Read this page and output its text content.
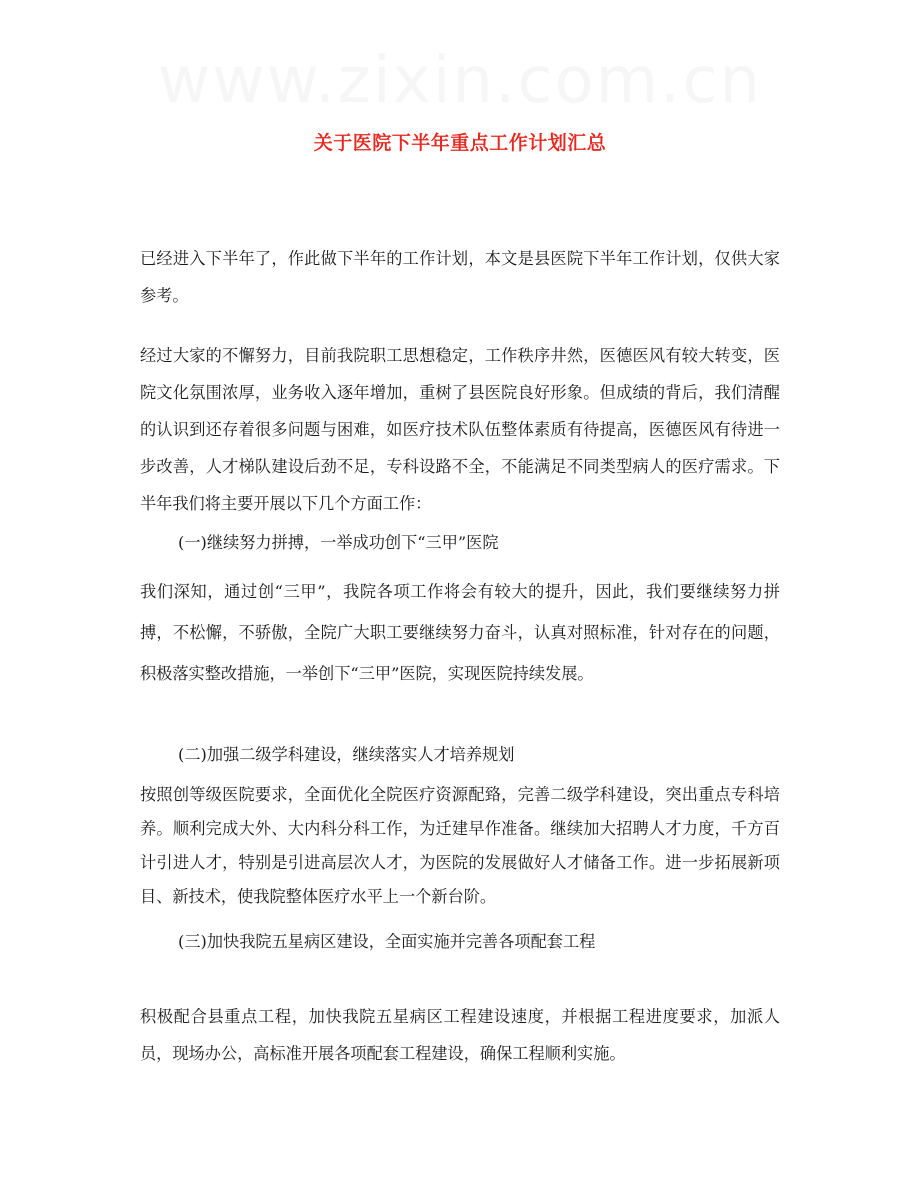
关于医院下半年重点工作计划汇总

已经进入下半年了，作此做下半年的工作计划，本文是县医院下半年工作计划，仅供大家参考。

经过大家的不懈努力，目前我院职工思想稳定，工作秩序井然，医德医风有较大转变，医院文化氛围浓厚，业务收入逐年增加，重树了县医院良好形象。但成绩的背后，我们清醒的认识到还存着很多问题与困难，如医疗技术队伍整体素质有待提高，医德医风有待进一步改善，人才梯队建设后劲不足，专科设路不全，不能满足不同类型病人的医疗需求。下半年我们将主要开展以下几个方面工作：

(一)继续努力拼搏，一举成功创下“三甲”医院

我们深知，通过创“三甲”，我院各项工作将会有较大的提升，因此，我们要继续努力拼搏，不松懈，不骄傲，全院广大职工要继续努力奋斗，认真对照标准，针对存在的问题，积极落实整改措施，一举创下“三甲”医院，实现医院持续发展。

(二)加强二级学科建设，继续落实人才培养规划

按照创等级医院要求，全面优化全院医疗资源配臵，完善二级学科建设，突出重点专科培养。顺利完成大外、大内科分科工作，为迁建早作准备。继续加大招聘人才力度，千方百计引进人才，特别是引进高层次人才，为医院的发展做好人才储备工作。进一步拓展新项目、新技术，使我院整体医疗水平上一个新台阶。

(三)加快我院五星病区建设，全面实施并完善各项配套工程

积极配合县重点工程，加快我院五星病区工程建设速度，并根据工程进度要求，加派人员，现场办公，高标准开展各项配套工程建设，确保工程顺利实施。
